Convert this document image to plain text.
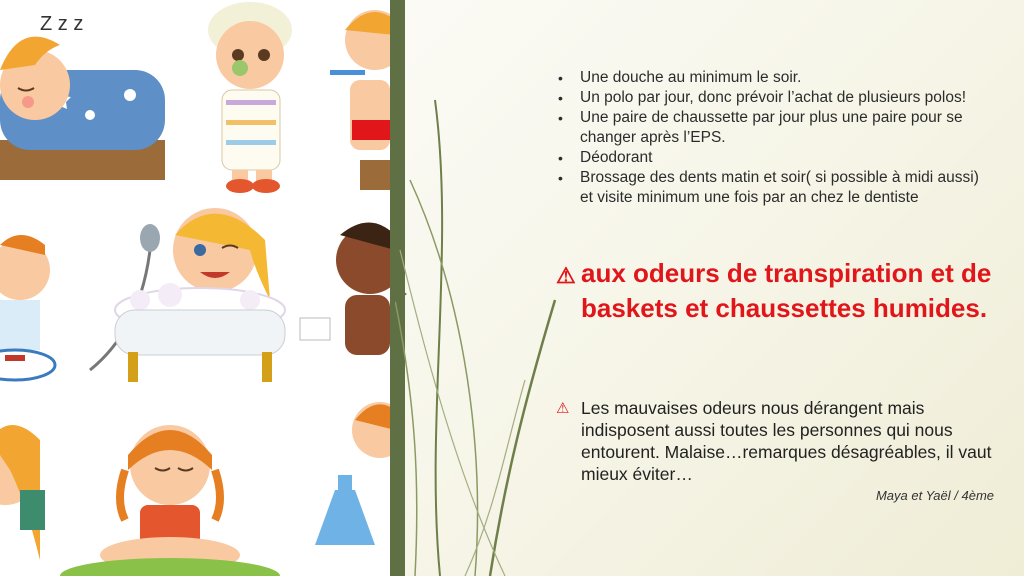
Z z z
• Une douche au minimum le soir.
• Un polo par jour, donc prévoir l’achat de plusieurs polos!
• Une paire de chaussette par jour plus une paire pour se changer après l’EPS.
• Déodorant
• Brossage des dents matin et soir( si possible à midi aussi) et visite minimum une fois par an chez le dentiste
⚠ aux odeurs de transpiration et de baskets et chaussettes humides.
⚠ Les mauvaises odeurs nous dérangent mais indisposent aussi toutes les personnes qui nous entourent. Malaise…remarques désagréables, il vaut mieux éviter…
Maya et Yaël / 4ème
